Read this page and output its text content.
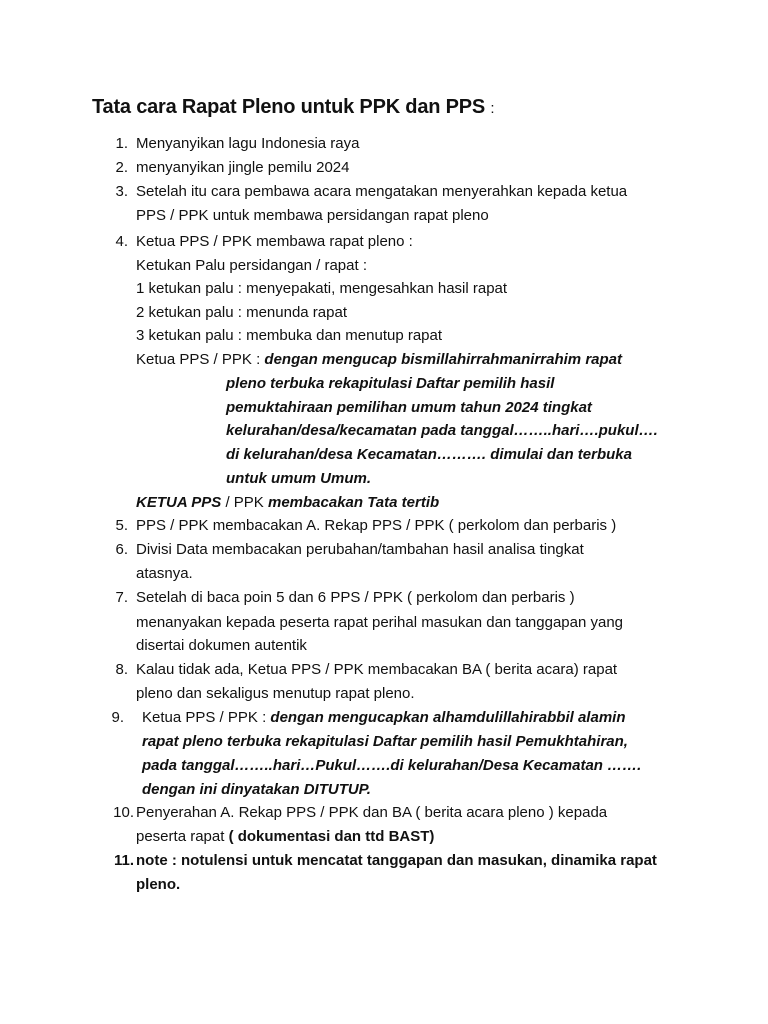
Tata cara Rapat Pleno untuk PPK dan PPS :
1. Menyanyikan lagu Indonesia raya
2. menyanyikan jingle pemilu 2024
3. Setelah itu cara pembawa acara mengatakan menyerahkan kepada ketua
PPS / PPK untuk membawa persidangan rapat pleno
4. Ketua PPS / PPK membawa rapat pleno :
Ketukan Palu persidangan / rapat :
1 ketukan palu : menyepakati, mengesahkan hasil rapat
2 ketukan palu : menunda rapat
3 ketukan palu : membuka dan menutup rapat
Ketua PPS / PPK : dengan mengucap bismillahirrahmanirrahim rapat
pleno terbuka rekapitulasi Daftar pemilih hasil
pemuktahiraan pemilihan umum tahun 2024 tingkat
kelurahan/desa/kecamatan pada tanggal……..hari….pukul….
di kelurahan/desa Kecamatan………. dimulai dan terbuka
untuk umum Umum.
KETUA PPS / PPK membacakan Tata tertib
5. PPS / PPK membacakan A. Rekap PPS / PPK ( perkolom dan perbaris )
6. Divisi Data membacakan perubahan/tambahan hasil analisa tingkat
atasnya.
7. Setelah di baca poin 5 dan 6 PPS / PPK ( perkolom dan perbaris )
menanyakan kepada peserta rapat perihal masukan dan tanggapan yang
disertai dokumen autentik
8. Kalau tidak ada, Ketua PPS / PPK membacakan BA ( berita acara) rapat
pleno dan sekaligus menutup rapat pleno.
9. Ketua PPS / PPK : dengan mengucapkan alhamdulillahirabbil alamin
rapat pleno terbuka rekapitulasi Daftar pemilih hasil Pemukhtahiran,
pada tanggal……..hari…Pukul…….di kelurahan/Desa Kecamatan …….
dengan ini dinyatakan DITUTUP.
10. Penyerahan A. Rekap PPS / PPK dan BA ( berita acara pleno ) kepada
peserta rapat ( dokumentasi dan ttd BAST)
11. note : notulensi untuk mencatat tanggapan dan masukan, dinamika rapat
pleno.
